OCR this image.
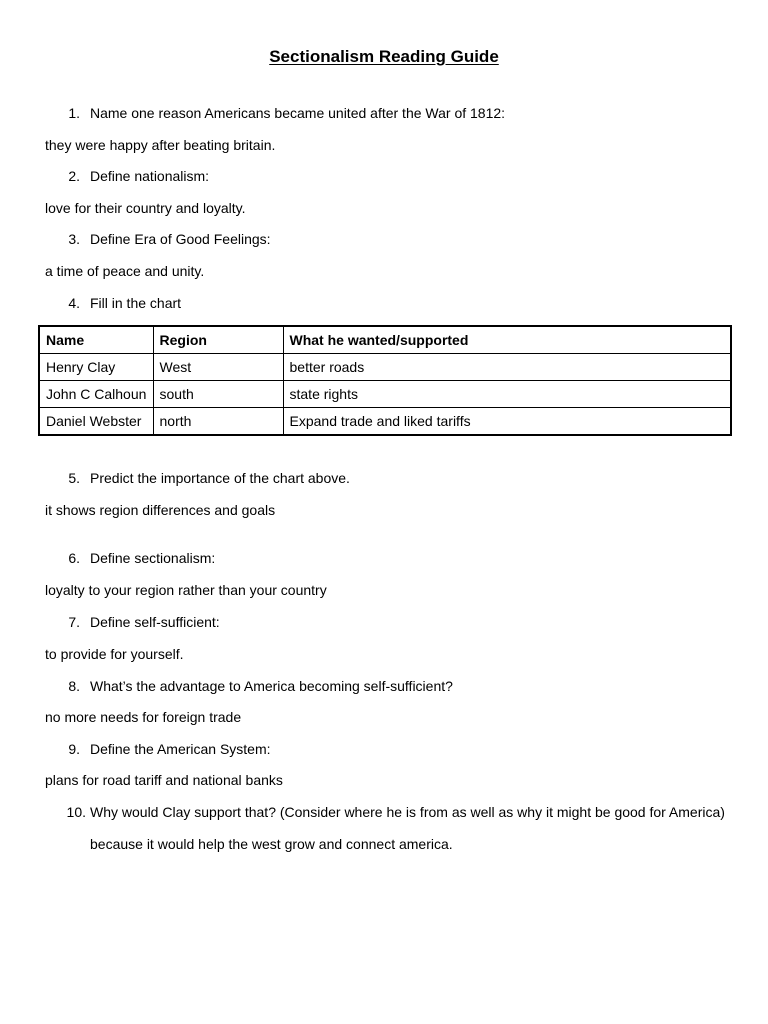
Sectionalism Reading Guide
1. Name one reason Americans became united after the War of 1812:
they were happy after beating britain.
2. Define nationalism:
love for their country and loyalty.
3. Define Era of Good Feelings:
a time of peace and unity.
4. Fill in the chart
Name	Region	What he wanted/supported
Henry Clay	West	better roads
John C Calhoun	south	state rights
Daniel Webster	north	Expand trade and liked tariffs
5. Predict the importance of the chart above.
it shows region differences and goals
6. Define sectionalism:
loyalty to your region rather than your country
7. Define self-sufficient:
to provide for yourself.
8. What’s the advantage to America becoming self-sufficient?
no more needs for foreign trade
9. Define the American System:
plans for road tariff and national banks
10. Why would Clay support that? (Consider where he is from as well as why it might be good for America)
because it would help the west grow and connect america.
